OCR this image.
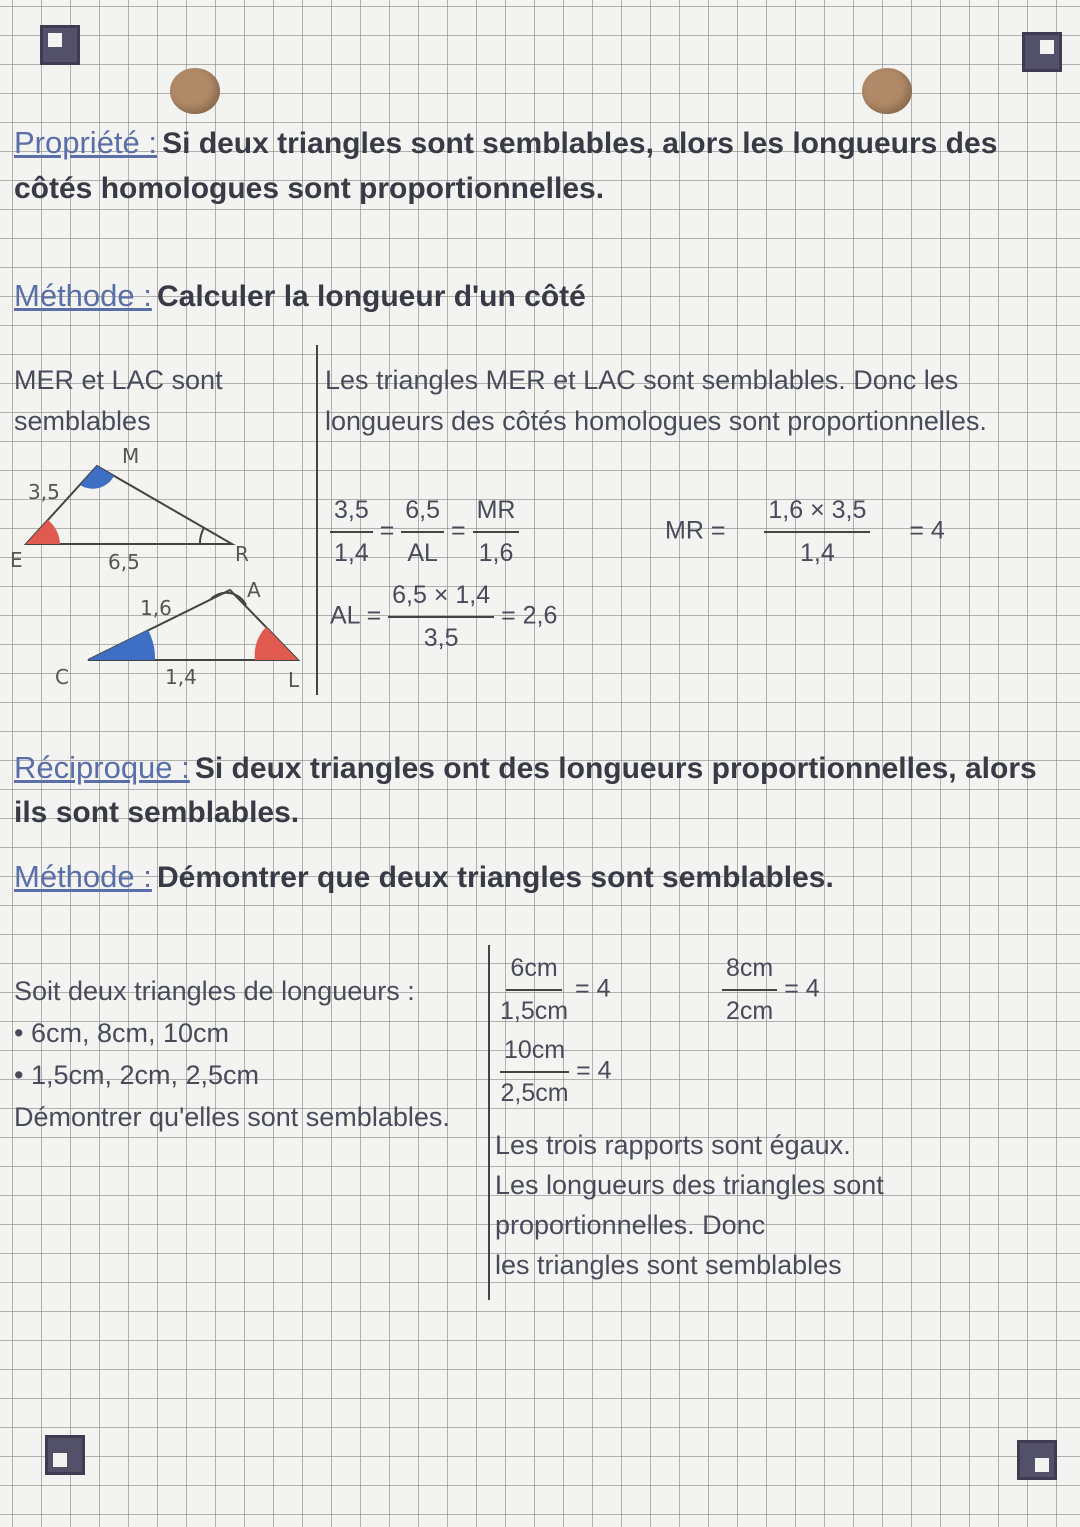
Propriété : Si deux triangles sont semblables, alors les longueurs des côtés homologues sont proportionnelles.
Méthode : Calculer la longueur d'un côté
MER et LAC sont semblables
Les triangles MER et LAC sont semblables. Donc les longueurs des côtés homologues sont proportionnelles.
M
E	R
3,5
6,5
A
C	L
1,6
1,4
$\frac{3,5}{1,4} = \frac{6,5}{AL} = \frac{MR}{1,6}$	MR = $\frac{1,6 \times 3,5}{1,4} = 4$
AL = $\frac{6,5 \times 1,4}{3,5} = 2,6$
Réciproque : Si deux triangles ont des longueurs proportionnelles, alors ils sont semblables.
Méthode : Démontrer que deux triangles sont semblables.
Soit deux triangles de longueurs :
• 6cm, 8cm, 10cm
• 1,5cm, 2cm, 2,5cm
Démontrer qu'elles sont semblables.
$\frac{6cm}{1,5cm} = 4$	$\frac{8cm}{2cm} = 4$
$\frac{10cm}{2,5cm} = 4$
Les trois rapports sont égaux.
Les longueurs des triangles sont
proportionnelles. Donc
les triangles sont semblables
